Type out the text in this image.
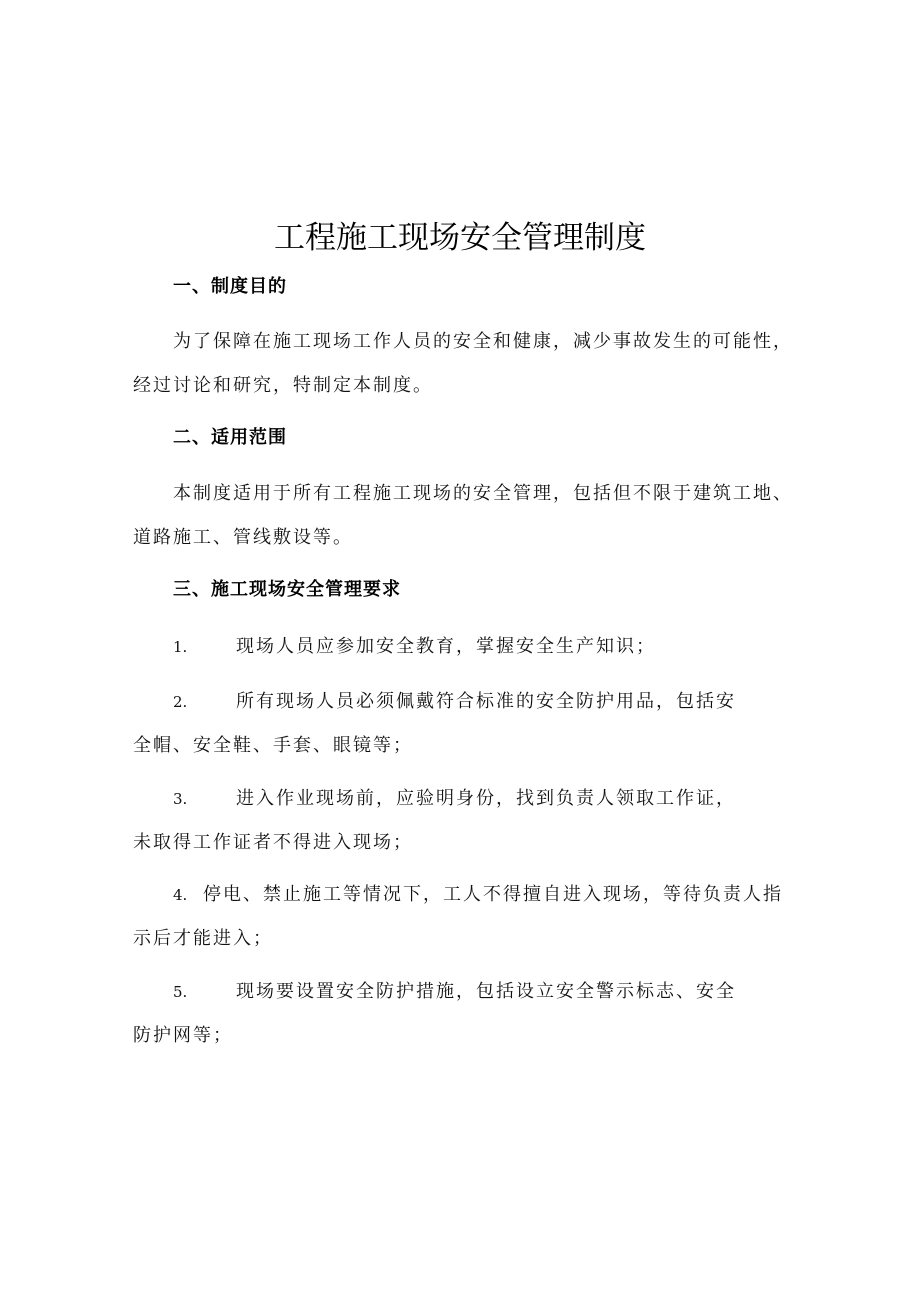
工程施工现场安全管理制度
一、制度目的

为了保障在施工现场工作人员的安全和健康，减少事故发生的可能性，经过讨论和研究，特制定本制度。

二、适用范围

本制度适用于所有工程施工现场的安全管理，包括但不限于建筑工地、道路施工、管线敷设等。

三、施工现场安全管理要求
1.	现场人员应参加安全教育，掌握安全生产知识；
2.	所有现场人员必须佩戴符合标准的安全防护用品，包括安
全帽、安全鞋、手套、眼镜等；
3.	进入作业现场前，应验明身份，找到负责人领取工作证，
未取得工作证者不得进入现场；
4. 停电、禁止施工等情况下，工人不得擅自进入现场，等待负责人指
示后才能进入；
5.	现场要设置安全防护措施，包括设立安全警示标志、安全
防护网等；
